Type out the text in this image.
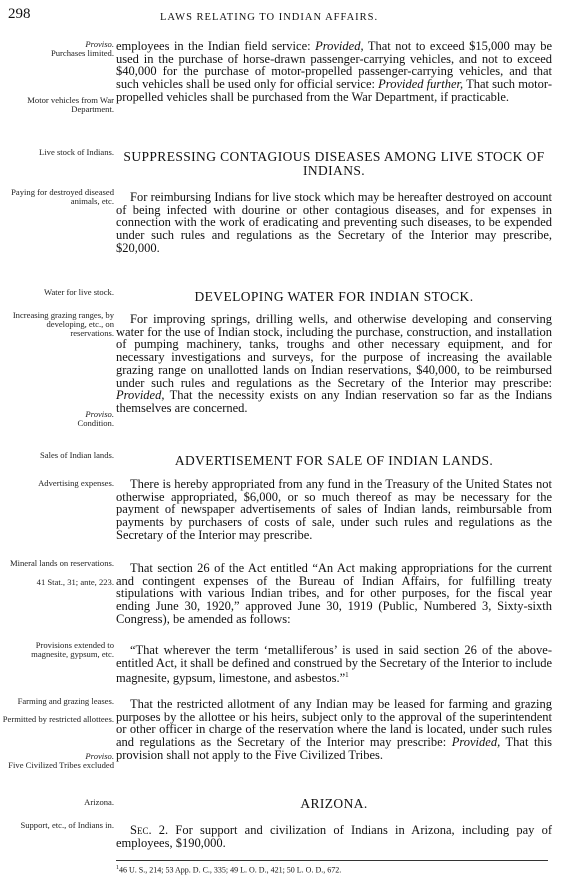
298	LAWS RELATING TO INDIAN AFFAIRS.
Proviso.
Purchases limited.
Motor vehicles from War Department.
Live stock of Indians.
Paying for destroyed diseased animals, etc.
Water for live stock.
Increasing grazing ranges, by developing, etc., on reservations.
Proviso.
Condition.
Sales of Indian lands.
Advertising expenses.
Mineral lands on reservations.
41 Stat., 31; ante, 223.
Provisions extended to magnesite, gypsum, etc.
Farming and grazing leases.
Permitted by restricted allottees.
Proviso.
Five Civilized Tribes excluded
Arizona.
Support, etc., of Indians in.

employees in the Indian field service: Provided, That not to exceed $15,000 may be used in the purchase of horse-drawn passenger-carrying vehicles, and not to exceed $40,000 for the purchase of motor-propelled passenger-carrying vehicles, and that such vehicles shall be used only for official service: Provided further, That such motor-propelled vehicles shall be purchased from the War Department, if practicable.

SUPPRESSING CONTAGIOUS DISEASES AMONG LIVE STOCK OF INDIANS.

For reimbursing Indians for live stock which may be hereafter destroyed on account of being infected with dourine or other contagious diseases, and for expenses in connection with the work of eradicating and preventing such diseases, to be expended under such rules and regulations as the Secretary of the Interior may prescribe, $20,000.

DEVELOPING WATER FOR INDIAN STOCK.

For improving springs, drilling wells, and otherwise developing and conserving water for the use of Indian stock, including the purchase, construction, and installation of pumping machinery, tanks, troughs and other necessary equipment, and for necessary investigations and surveys, for the purpose of increasing the available grazing range on unallotted lands on Indian reservations, $40,000, to be reimbursed under such rules and regulations as the Secretary of the Interior may prescribe: Provided, That the necessity exists on any Indian reservation so far as the Indians themselves are concerned.

ADVERTISEMENT FOR SALE OF INDIAN LANDS.

There is hereby appropriated from any fund in the Treasury of the United States not otherwise appropriated, $6,000, or so much thereof as may be necessary for the payment of newspaper advertisements of sales of Indian lands, reimbursable from payments by purchasers of costs of sale, under such rules and regulations as the Secretary of the Interior may prescribe.

That section 26 of the Act entitled “An Act making appropriations for the current and contingent expenses of the Bureau of Indian Affairs, for fulfilling treaty stipulations with various Indian tribes, and for other purposes, for the fiscal year ending June 30, 1920,” approved June 30, 1919 (Public, Numbered 3, Sixty-sixth Congress), be amended as follows:

“That wherever the term ‘metalliferous’ is used in said section 26 of the above-entitled Act, it shall be defined and construed by the Secretary of the Interior to include magnesite, gypsum, limestone, and asbestos.”$^1$

That the restricted allotment of any Indian may be leased for farming and grazing purposes by the allottee or his heirs, subject only to the approval of the superintendent or other officer in charge of the reservation where the land is located, under such rules and regulations as the Secretary of the Interior may prescribe: Provided, That this provision shall not apply to the Five Civilized Tribes.

ARIZONA.

Sec. 2. For support and civilization of Indians in Arizona, including pay of employees, $190,000.

$^1$46 U. S., 214; 53 App. D. C., 335; 49 L. O. D., 421; 50 L. O. D., 672.
